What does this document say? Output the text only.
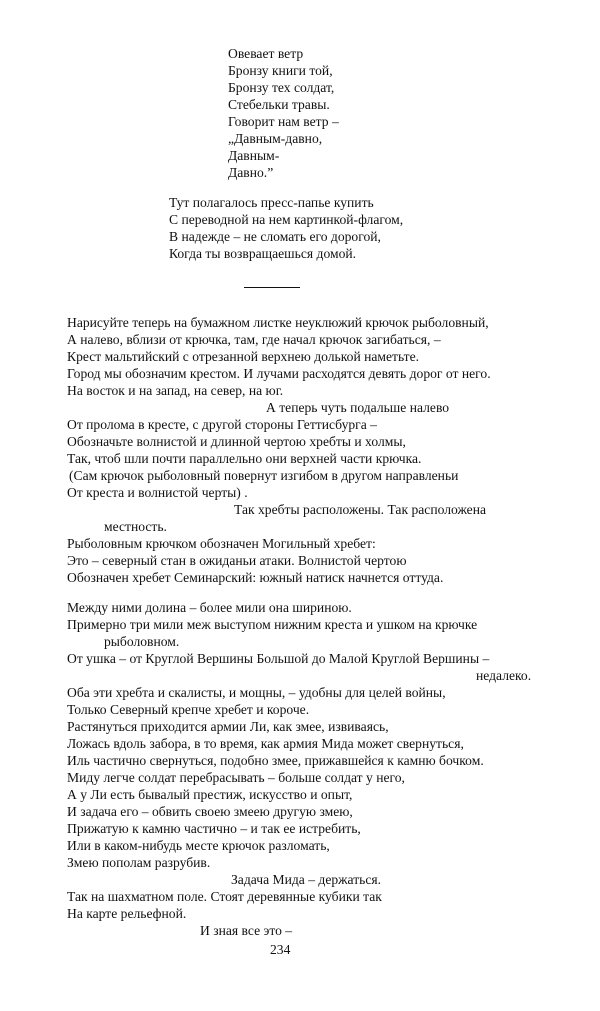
Овевает ветр
Бронзу книги той,
Бронзу тех солдат,
Стебельки травы.
Говорит нам ветр –
„Давным-давно,
Давным-
Давно.”
Тут полагалось пресс-папье купить
С переводной на нем картинкой-флагом,
В надежде – не сломать его дорогой,
Когда ты возвращаешься домой.
Нарисуйте теперь на бумажном листке неуклюжий крючок рыболовный,
А налево, вблизи от крючка, там, где начал крючок загибаться, –
Крест мальтийский с отрезанной верхнею долькой наметьте.
Город мы обозначим крестом. И лучами расходятся девять дорог от него.
На восток и на запад, на север, на юг.
А теперь чуть подальше налево
От пролома в кресте, с другой стороны Геттисбурга –
Обозначьте волнистой и длинной чертою хребты и холмы,
Так, чтоб шли почти параллельно они верхней части крючка.
(Сам крючок рыболовный повернут изгибом в другом направленьи
От креста и волнистой черты) .
Так хребты расположены. Так расположена
местность.
Рыболовным крючком обозначен Могильный хребет:
Это – северный стан в ожиданьи атаки. Волнистой чертою
Обозначен хребет Семинарский: южный натиск начнется оттуда.
Между ними долина – более мили она шириною.
Примерно три мили меж выступом нижним креста и ушком на крючке
рыболовном.
От ушка – от Круглой Вершины Большой до Малой Круглой Вершины –
недалеко.
Оба эти хребта и скалисты, и мощны, – удобны для целей войны,
Только Северный крепче хребет и короче.
Растянуться приходится армии Ли, как змее, извиваясь,
Ложась вдоль забора, в то время, как армия Мида может свернуться,
Иль частично свернуться, подобно змее, прижавшейся к камню бочком.
Миду легче солдат перебрасывать – больше солдат у него,
А у Ли есть бывалый престиж, искусство и опыт,
И задача его – обвить своею змеею другую змею,
Прижатую к камню частично – и так ее истребить,
Или в каком-нибудь месте крючок разломать,
Змею пополам разрубив.
Задача Мида – держаться.
Так на шахматном поле. Стоят деревянные кубики так
На карте рельефной.
И зная все это –
234
